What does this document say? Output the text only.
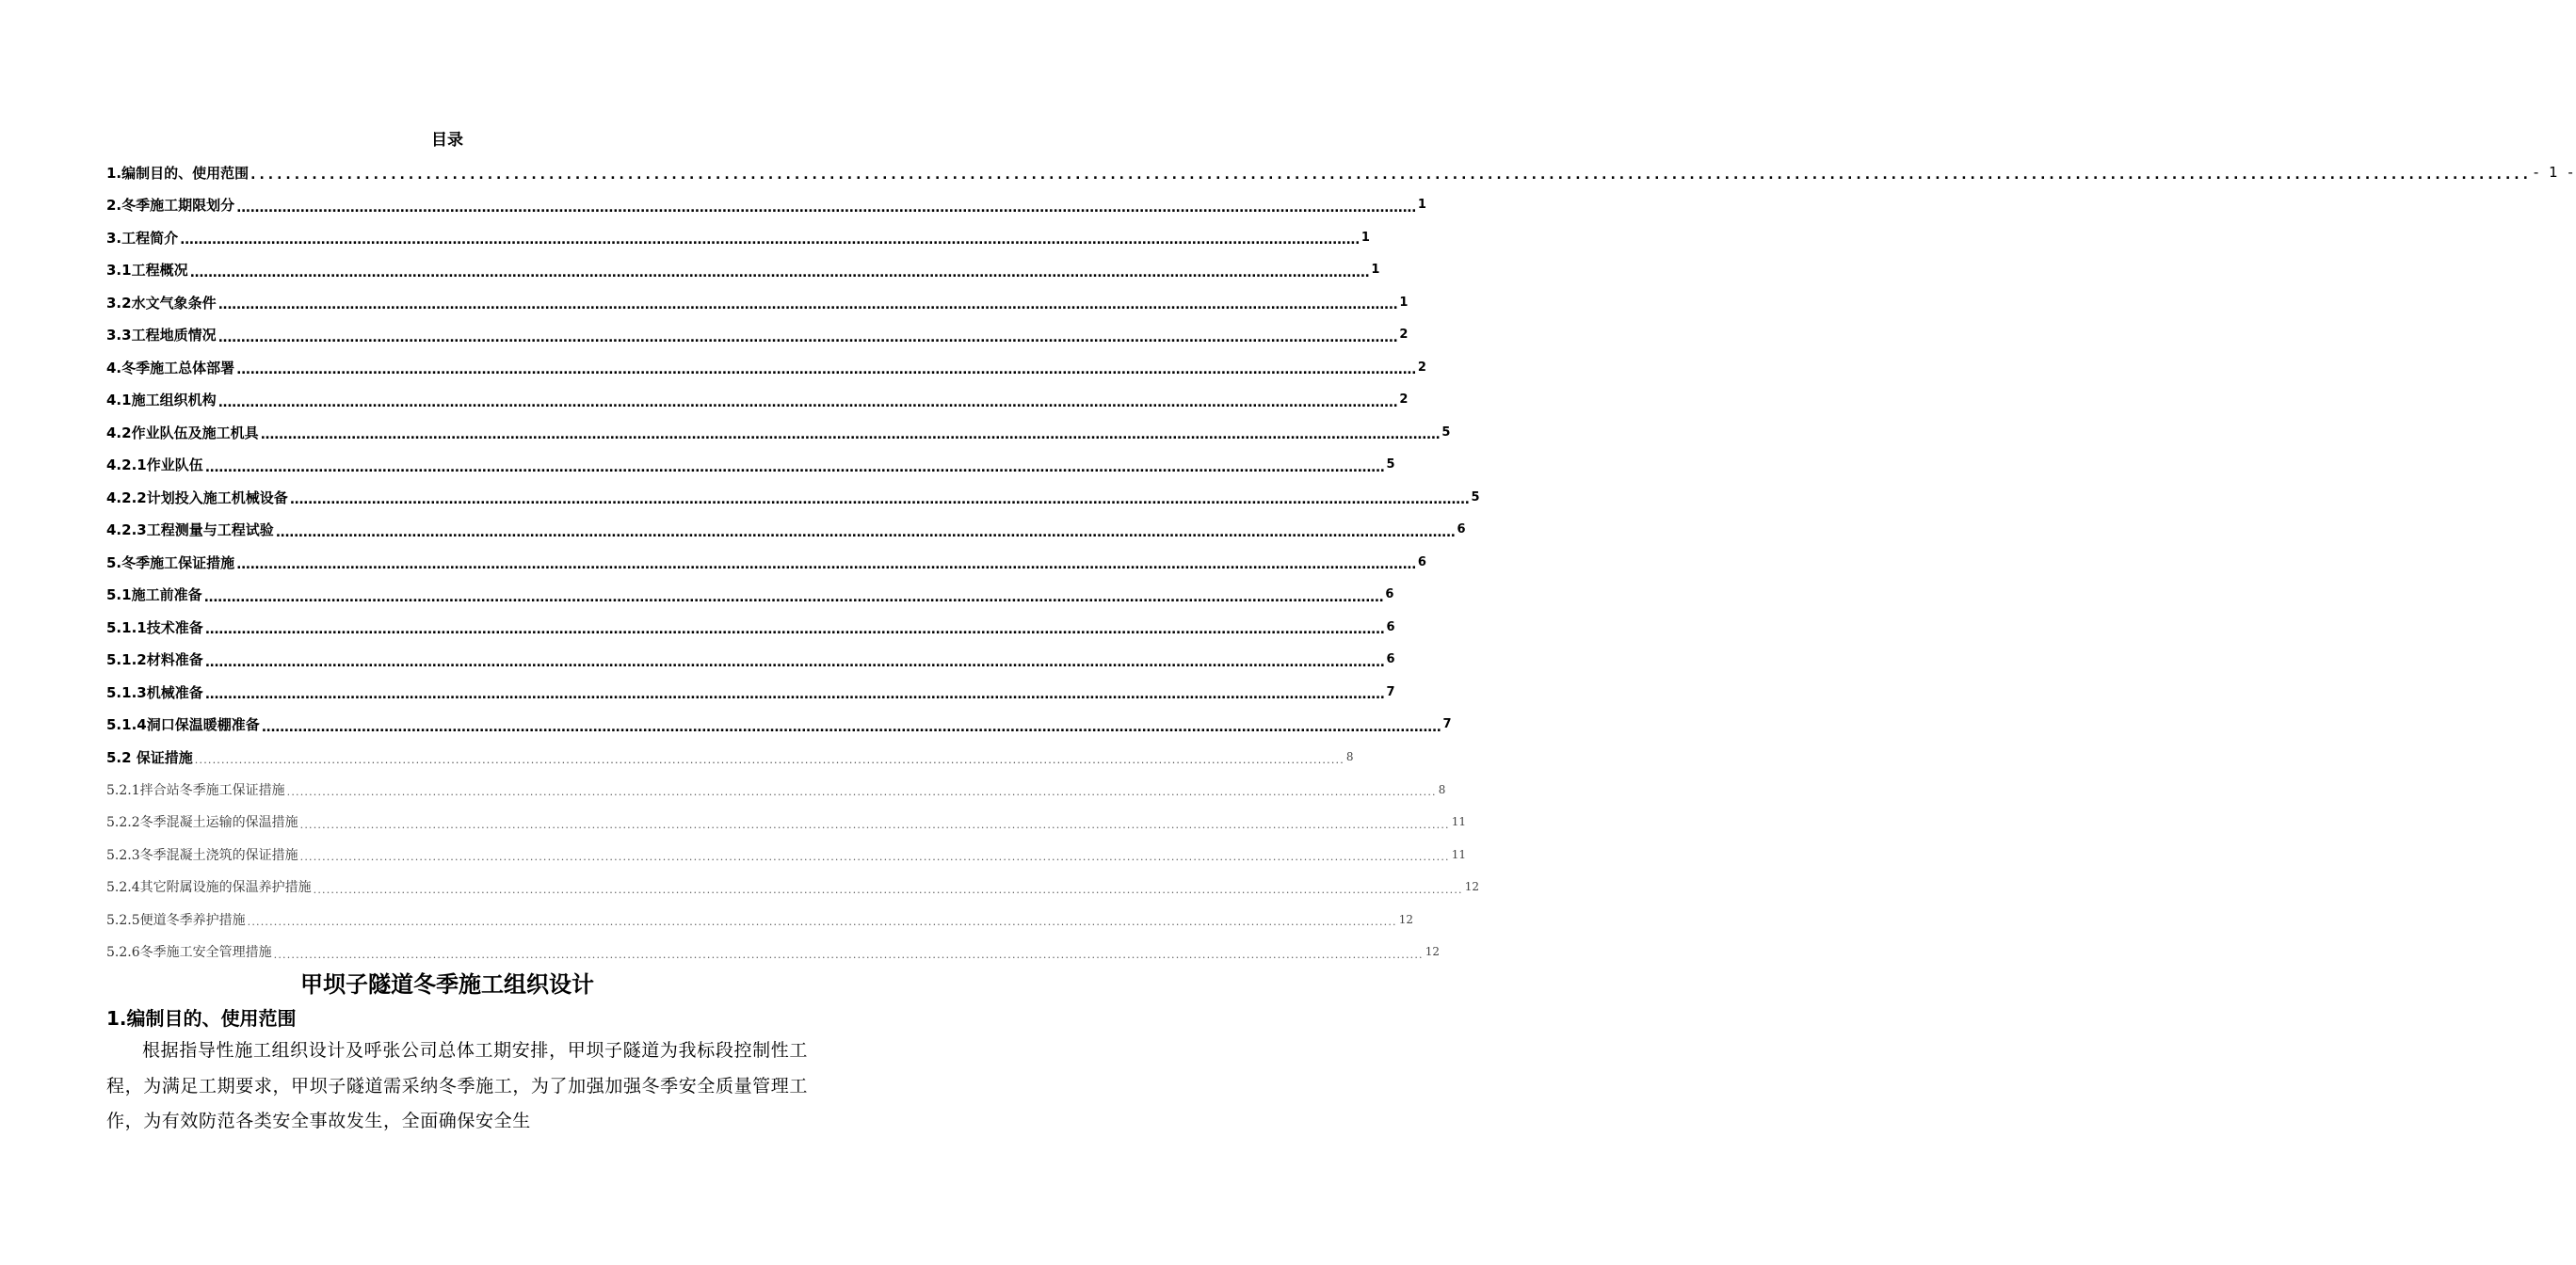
目录
1.编制目的、使用范围 .................................................................................................................................................................................................................................................................... - 1 -
2.冬季施工期限划分 .................................................................................................................................................................................................................................................................... 1
3.工程简介 .................................................................................................................................................................................................................................................................... 1
3.1工程概况 .................................................................................................................................................................................................................................................................... 1
3.2水文气象条件 .................................................................................................................................................................................................................................................................... 1
3.3工程地质情况 .................................................................................................................................................................................................................................................................... 2
4.冬季施工总体部署 .................................................................................................................................................................................................................................................................... 2
4.1施工组织机构 .................................................................................................................................................................................................................................................................... 2
4.2作业队伍及施工机具 .................................................................................................................................................................................................................................................................... 5
4.2.1作业队伍 .................................................................................................................................................................................................................................................................... 5
4.2.2计划投入施工机械设备 .................................................................................................................................................................................................................................................................... 5
4.2.3工程测量与工程试验 .................................................................................................................................................................................................................................................................... 6
5.冬季施工保证措施 .................................................................................................................................................................................................................................................................... 6
5.1施工前准备 .................................................................................................................................................................................................................................................................... 6
5.1.1技术准备 .................................................................................................................................................................................................................................................................... 6
5.1.2材料准备 .................................................................................................................................................................................................................................................................... 6
5.1.3机械准备 .................................................................................................................................................................................................................................................................... 7
5.1.4洞口保温暖棚准备 .................................................................................................................................................................................................................................................................... 7
5.2 保证措施 .................................................................................................................................................................................................................................................................... 8
5.2.1拌合站冬季施工保证措施 .................................................................................................................................................................................................................................................................... 8
5.2.2冬季混凝土运输的保温措施 .................................................................................................................................................................................................................................................................... 11
5.2.3冬季混凝土浇筑的保证措施 .................................................................................................................................................................................................................................................................... 11
5.2.4其它附属设施的保温养护措施 .................................................................................................................................................................................................................................................................... 12
5.2.5便道冬季养护措施 .................................................................................................................................................................................................................................................................... 12
5.2.6冬季施工安全管理措施 .................................................................................................................................................................................................................................................................... 12
甲坝子隧道冬季施工组织设计
1.编制目的、使用范围
根据指导性施工组织设计及呼张公司总体工期安排，甲坝子隧道为我标段控制性工程，为满足工期要求，甲坝子隧道需采纳冬季施工，为了加强加强冬季安全质量管理工作，为有效防范各类安全事故发生，全面确保安全生
